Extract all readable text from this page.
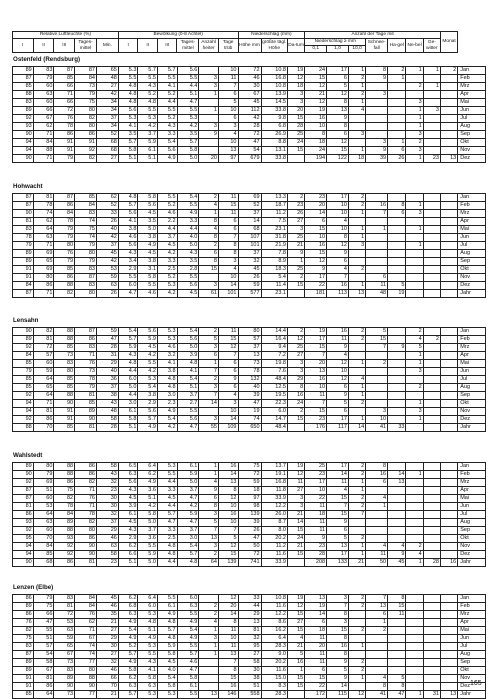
Relative Luftfeuchte (%)					Bewölkung (0-8 Achtel)						Niederschlag (mm)			Anzahl der Tage mit							Monat
I	II	III	Tages-mittel	Min.	I	II	III	Tages-mittel	Anzahl heiter	Tage trüb	Höhe mm	größte tägl. Höhe	Da-tum	Niederschlag ≥ mm			Schnee-fall	Ha-gel	Ne-bel	Ge-witter	
														0,1	1,0	10,0					
Ostenfeld (Rendsburg)
89	83	87	87	65	5.3	5.7	5.7	5.6		10	72	10.8	19	24	17	1	8	2	1	1	2	Jan
87	79	85	84	48	5.5	5.5	5.5	5.5	3	11	46	16.8	12	15	6	2	9	1				Feb
85	60	66	73	27	4.8	4.3	4.1	4.4	3	7	30	10.8	18	12	5	1			2	1		Mrz
88	63	71	79	42	4.8	5.2	5.2	5.1	1	6	67	13.9	3	21	12	2	3					Apr
83	60	66	75	34	4.8	4.8	4.4	4.7		5	45	14.5	3	12	8	1			3			Mai
89	66	72	80	34	5.6	5.5	5.5	5.5	1	10	112	33.8	20	19	13	4			1	3		Jun
92	67	76	82	37	5.3	5.3	5.2	5.3		6	42	9.8	15	16	9				1			Jul
93	62	78	80	34	4.1	4.2	4.3	4.2	3	3	28	6.8	28	10	8				1			Aug
90	71	86	86	52	3.5	3.7	3.3	3.5	9	4	72	26.9	25	8	6	3			3			Sep
94	84	91	91	68	5.7	5.9	5.4	5.7		10	47	8.8	24	18	12		3	1	2			Okt
94	88	91	92	68	5.8	6.1	5.6	5.8		13	54	13.1	15	24	15	1	9	6	3			Nov
90	71	79	82	27	5.1	5.1	4.9	5.0	20	97	679	33.8		194	122	18	39	26	1	23	13	Dez
Hohwacht
87	81	87	85	62	4.8	5.8	5.5	5.4	2	11	69	13.3	2	23	17	2						Jan
87	78	86	84	52	5.7	5.6	5.2	5.5	4	15	52	18.7	23	20	10	2	16	8	1			Feb
90	74	84	83	33	5.6	4.5	4.6	4.9	1	11	37	11.2	26	14	10	1	7	6	3			Mrz
81	62	78	74	26	4.1	3.5	2.2	3.3	8	6	14	7.5	27	6	4							Apr
83	64	79	75	40	3.8	5.0	4.4	4.4	4	6	68	23.1	3	15	10	1	1		1			Mai
78	63	79	74	42	4.6	3.8	3.7	4.0	8	7	107	31.8	25	10	8	1						Jun
79	71	80	79	37	5.6	4.9	4.5	5.0	2	8	101	21.9	21	16	12	3			1			Jul
89	69	76	80	45	4.3	4.5	4.2	4.3	6	8	37	7.8	9	15	9							Aug
89	65	79	79	42	3.4	3.8	3.3	3.5	8	3	32	8.9	1	12	6							Sep
91	69	85	83	53	2.9	3.1	2.5	2.8	15	4	45	18.3	25	9	4	2						Okt
91	80	86	87	59	5.5	5.8	5.2	5.5		10	26	5.4	2	17	7		6					Nov
84	86	88	83	63	6.0	5.5	5.3	5.6	3	14	59	11.4	15	22	16	1	11	5				Dez
87	71	82	80	26	4.7	4.6	4.2	4.5	61	101	577	23.1		181	113	13	48	19				Jahr
Lensahn
90	82	88	87	59	5.4	5.6	5.3	5.4	2	11	80	14.4	2	19	16	2	5		2			Jan
89	81	88	86	47	5.7	5.9	5.3	5.6	5	15	57	16.4	12	17	11	2	15		4	2		Feb
92	72	85	83	28	5.9	4.5	4.6	5.0	3	12	37	9.4	25	15	9		7	9	5			Mrz
84	57	73	71	31	4.3	4.2	3.2	3.9	6	7	13	7.2	27	7	4				1			Apr
85	60	83	76	29	4.8	5.5	4.1	4.8	1	6	73	19.8	3	20	12	1	2		1			Mai
79	59	80	73	40	4.4	4.2	3.8	4.1	7	6	78	7.6	3	13	10				3			Jun
85	64	85	78	36	6.0	5.3	4.8	5.4	2	9	132	48.4	29	16	12	4						Jul
85	65	85	79	37	5.0	5.4	4.8	5.1	3	6	40	12.5	8	10	6	1			2			Aug
92	64	88	81	38	4.4	3.8	3.0	3.7	7	4	39	19.5	16	11	9	1						Sep
94	71	90	85	43	3.0	2.9	2.3	2.7	14	3	47	22.3	24	7	5	2			1			Okt
94	81	91	89	48	6.1	5.6	4.9	5.5		10	19	6.0	2	15	6		3		3			Nov
92	86	91	90	58	5.8	5.7	5.4	5.6	3	14	74	14.7	15	23	17	1	10		1			Dez
88	70	85	81	28	5.1	4.9	4.2	4.7	55	109	650	48.4		176	117	14	41	33				Jahr
Wahlstedt
89	80	88	86	58	6.5	6.4	5.3	6.1	1	16	75	13.7	19	25	17	2	8					Jan
90	79	88	86	43	6.3	6.2	5.5	5.9	1	14	72	19.1	12	23	14	2	16	14	1			Feb
92	69	86	82	32	5.6	4.9	4.4	5.0	4	13	59	16.8	11	17	11	1	6	13				Mrz
87	51	75	71	23	4.3	3.6	3.3	3.7	9	8	18	11.8	27	10	4	1						Apr
87	60	82	76	30	4.5	5.1	4.5	4.7	6	12	97	33.9	3	22	15	2	4					Mai
81	53	78	71	30	3.9	4.2	4.4	4.2	8	10	98	12.2	3	11	7	2	1					Jun
86	64	84	78	32	6.1	5.8	5.7	5.9	3	16	139	26.0	21	18	15	7						Jul
93	63	89	82	37	4.5	5.0	4.7	4.7	5	10	39	8.7	14	11	9							Aug
92	60	88	80	29	4.3	3.7	3.3	3.7	7	7	26	8.0	15	11	6							Sep
95	70	93	86	46	2.9	3.6	2.5	3.0	13	5	47	20.2	24	9	5	2						Okt
94	84	92	90	63	6.2	5.5	4.8	5.4	3	12	50	11.2	21	23	13	1	4	4	2			Nov
94	85	92	90	58	6.6	5.9	4.8	5.7	2	15	72	11.6	15	28	17	1	11	9	4			Dez
90	68	86	81	23	5.1	5.0	4.4	4.8	64	139	741	33.9		208	133	21	50	45	1	28	16	Jahr
Lenzen (Elbe)
86	79	83	84	45	6.2	6.4	5.5	6.0		12	33	10.8	19	13	3	2	7	8				Jan
89	75	81	84	46	6.8	6.0	6.1	6.3	2	20	44	11.6	12	19	7	2	13	15				Feb
86	66	72	76	35	6.3	5.3	4.9	5.5	2	14	29	12.2	15	14	8		6	11				Mrz
76	47	53	62	21	4.9	4.8	4.8	4.9	4	8	13	8.6	27	6	3		1					Apr
82	55	63	71	27	5.4	5.1	5.7	5.4	1	11	81	16.2	15	18	15	2	2					Mai
75	51	59	67	29	4.9	4.9	4.8	4.9	3	10	32	6.4	4	11	8							Jun
83	57	65	74	30	5.2	5.3	5.9	5.5	1	11	95	28.3	21	20	16	1						Jul
87	54	67	74	27	5.7	5.5	5.8	5.7	1	13	27	9.0	5	11	8							Aug
89	58	73	77	32	4.9	4.3	4.5	4.6		7	58	20.2	16	11	9	2						Sep
89	67	83	80	46	5.8	4.1	4.0	4.7		8	30	11.6	1	6	5	2						Okt
91	81	89	88	66	6.2	5.8	5.4	5.8		15	38	15.0	15	15	9	1	4	5				Nov
91	86	90	90	70	6.3	6.3	5.8	6.1		16	51	8.3	15	22	14		8	8				Dez
85	64	73	77	21	5.7	5.3	5.3	5.5	13	146	558	28.3		172	115	12	41	47	1	31	13	Jahr
165
